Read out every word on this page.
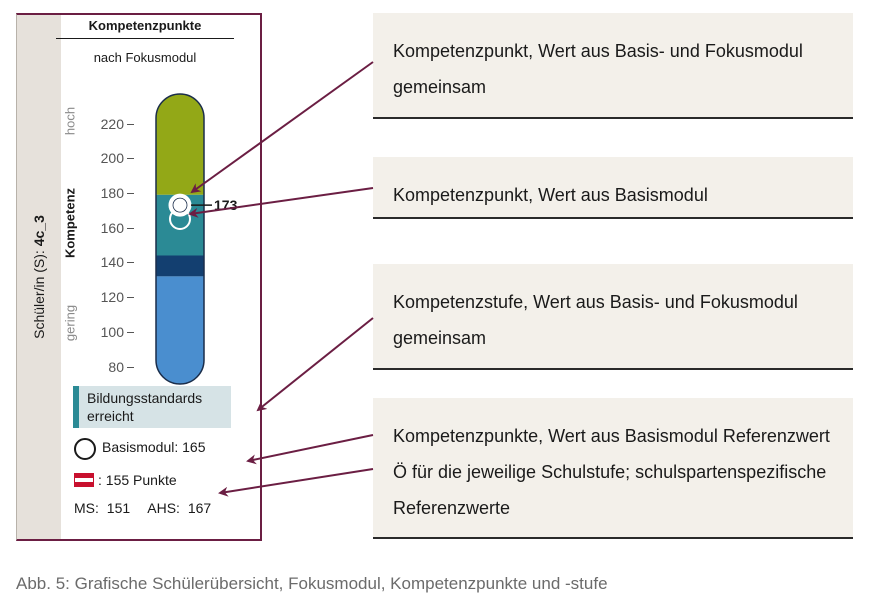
Schüler/in (S): 4c_3
Kompetenzpunkte
nach Fokusmodul
hoch
Kompetenz
gering
80
100
120
140
160
180
200
220
173
Bildungsstandards erreicht
Basismodul: 165
: 155 Punkte
MS: 151 AHS: 167
Kompetenzpunkt, Wert aus Basis- und Fokusmodul gemeinsam
Kompetenzpunkt, Wert aus Basismodul
Kompetenzstufe, Wert aus Basis- und Fokusmodul gemeinsam
Kompetenzpunkte, Wert aus Basismodul Referenzwert Ö für die jeweilige Schulstufe; schulspartenspezifische Referenzwerte
Abb. 5: Grafische Schülerübersicht, Fokusmodul, Kompetenzpunkte und -stufe
